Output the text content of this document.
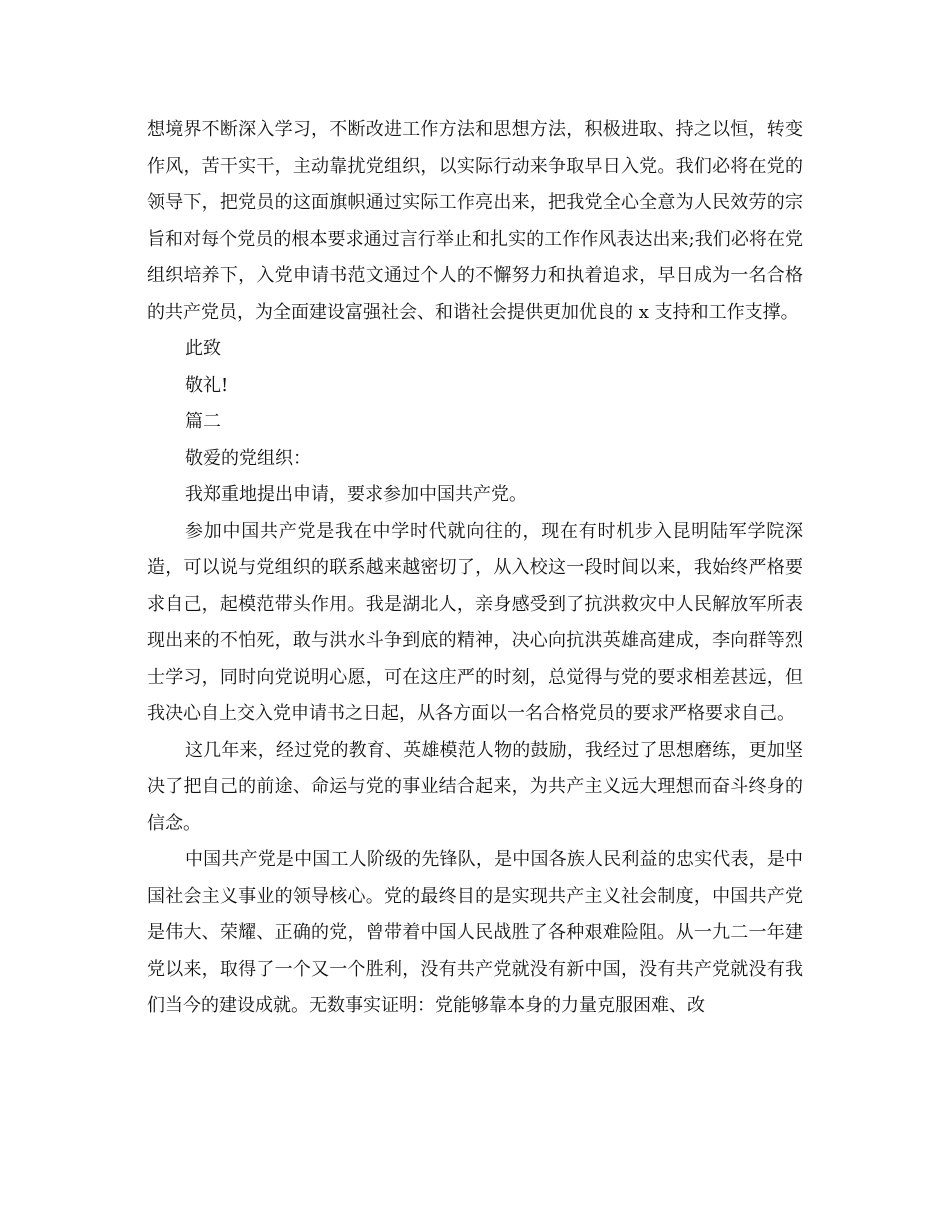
想境界不断深入学习，不断改进工作方法和思想方法，积极进取、持之以恒，转变作风，苦干实干，主动靠扰党组织，以实际行动来争取早日入党。我们必将在党的领导下，把党员的这面旗帜通过实际工作亮出来，把我党全心全意为人民效劳的宗旨和对每个党员的根本要求通过言行举止和扎实的工作作风表达出来;我们必将在党组织培养下，入党申请书范文通过个人的不懈努力和执着追求，早日成为一名合格的共产党员，为全面建设富强社会、和谐社会提供更加优良的 x 支持和工作支撑。

此致

敬礼!

篇二

敬爱的党组织：

我郑重地提出申请，要求参加中国共产党。

参加中国共产党是我在中学时代就向往的，现在有时机步入昆明陆军学院深造，可以说与党组织的联系越来越密切了，从入校这一段时间以来，我始终严格要求自己，起模范带头作用。我是湖北人，亲身感受到了抗洪救灾中人民解放军所表现出来的不怕死，敢与洪水斗争到底的精神，决心向抗洪英雄高建成，李向群等烈士学习，同时向党说明心愿，可在这庄严的时刻，总觉得与党的要求相差甚远，但我决心自上交入党申请书之日起，从各方面以一名合格党员的要求严格要求自己。

这几年来，经过党的教育、英雄模范人物的鼓励，我经过了思想磨练，更加坚决了把自己的前途、命运与党的事业结合起来，为共产主义远大理想而奋斗终身的信念。

中国共产党是中国工人阶级的先锋队，是中国各族人民利益的忠实代表，是中国社会主义事业的领导核心。党的最终目的是实现共产主义社会制度，中国共产党是伟大、荣耀、正确的党，曾带着中国人民战胜了各种艰难险阻。从一九二一年建党以来，取得了一个又一个胜利，没有共产党就没有新中国，没有共产党就没有我们当今的建设成就。无数事实证明：党能够靠本身的力量克服困难、改
